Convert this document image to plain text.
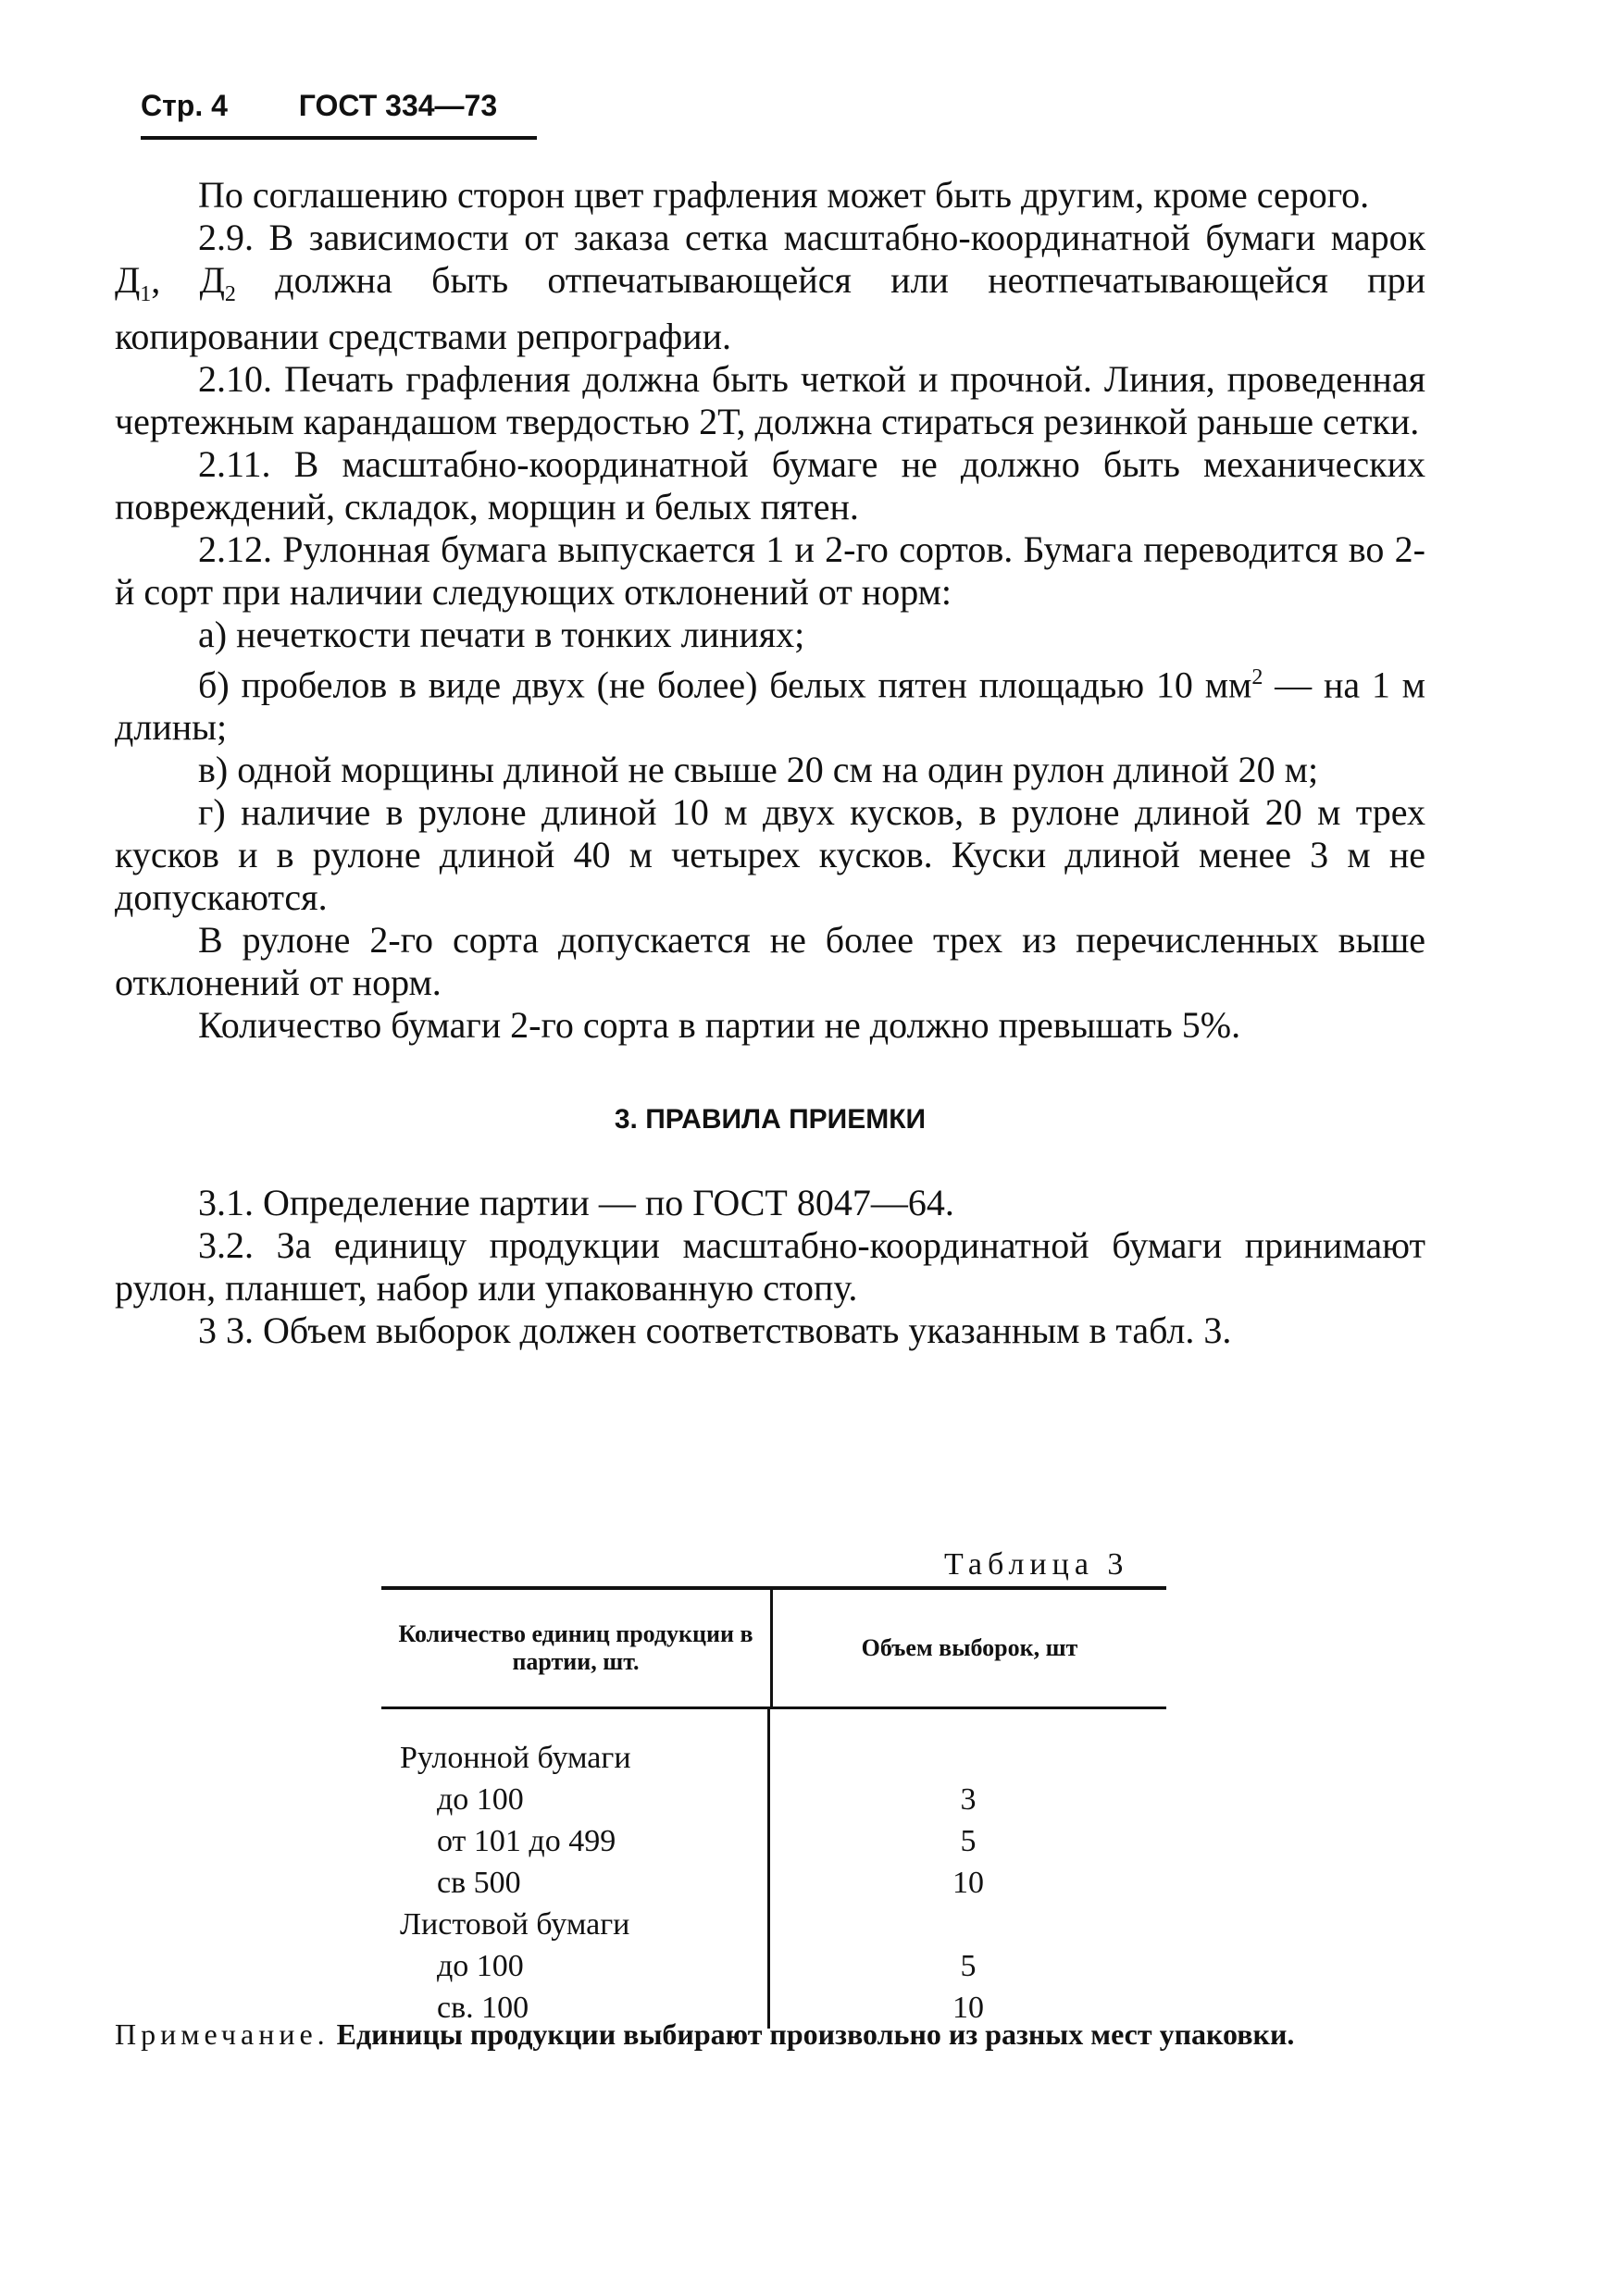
Стр. 4 ГОСТ 334—73

По соглашению сторон цвет графления может быть другим, кроме серого.

2.9. В зависимости от заказа сетка масштабно-координатной бумаги марок $Д_1$, $Д_2$ должна быть отпечатывающейся или неотпечатывающейся при копировании средствами репрографии.

2.10. Печать графления должна быть четкой и прочной. Линия, проведенная чертежным карандашом твердостью 2Т, должна стираться резинкой раньше сетки.

2.11. В масштабно-координатной бумаге не должно быть механических повреждений, складок, морщин и белых пятен.

2.12. Рулонная бумага выпускается 1 и 2-го сортов. Бумага переводится во 2-й сорт при наличии следующих отклонений от норм:

а) нечеткости печати в тонких линиях;

б) пробелов в виде двух (не более) белых пятен площадью 10 $мм^2$ — на 1 м длины;

в) одной морщины длиной не свыше 20 см на один рулон длиной 20 м;

г) наличие в рулоне длиной 10 м двух кусков, в рулоне длиной 20 м трех кусков и в рулоне длиной 40 м четырех кусков. Куски длиной менее 3 м не допускаются.

В рулоне 2-го сорта допускается не более трех из перечисленных выше отклонений от норм.

Количество бумаги 2-го сорта в партии не должно превышать 5%.

3. ПРАВИЛА ПРИЕМКИ

3.1. Определение партии — по ГОСТ 8047—64.

3.2. За единицу продукции масштабно-координатной бумаги принимают рулон, планшет, набор или упакованную стопу.

3 3. Объем выборок должен соответствовать указанным в табл. 3.

Таблица 3
Количество единиц продукции в партии, шт.
Объем выборок, шт
Рулонной бумаги
до 100
от 101 до 499
св 500
Листовой бумаги
до 100
св. 100
3
5
10
5
10
Примечание. Единицы продукции выбирают произвольно из разных мест упаковки.
